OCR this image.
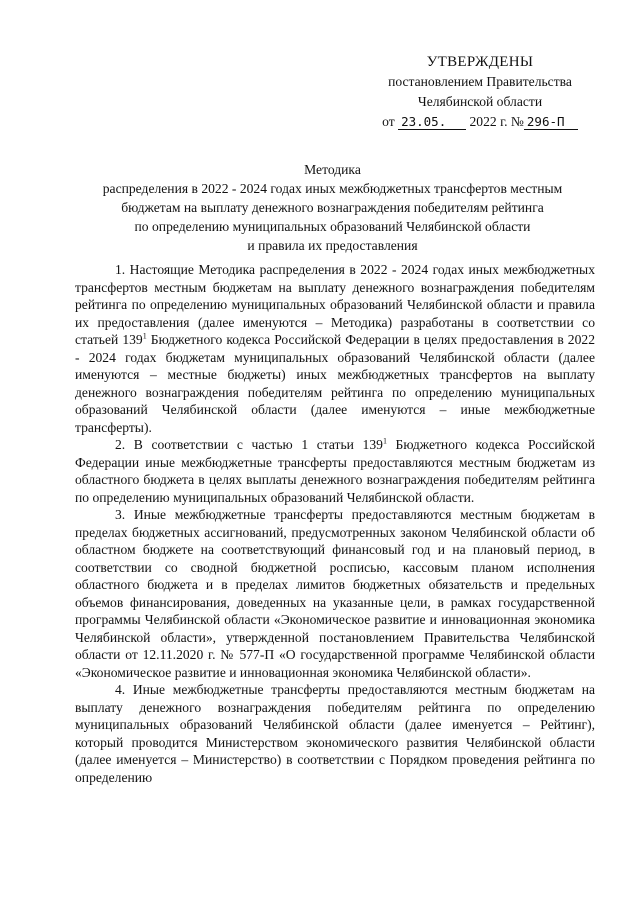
УТВЕРЖДЕНЫ
постановлением Правительства
Челябинской области
от 23.05. 2022 г. № 296-П
Методика
распределения в 2022 - 2024 годах иных межбюджетных трансфертов местным
бюджетам на выплату денежного вознаграждения победителям рейтинга
по определению муниципальных образований Челябинской области
и правила их предоставления

1. Настоящие Методика распределения в 2022 - 2024 годах иных межбюджетных трансфертов местным бюджетам на выплату денежного вознаграждения победителям рейтинга по определению муниципальных образований Челябинской области и правила их предоставления (далее именуются – Методика) разработаны в соответствии со статьей $139^1$ Бюджетного кодекса Российской Федерации в целях предоставления в 2022 - 2024 годах бюджетам муниципальных образований Челябинской области (далее именуются – местные бюджеты) иных межбюджетных трансфертов на выплату денежного вознаграждения победителям рейтинга по определению муниципальных образований Челябинской области (далее именуются – иные межбюджетные трансферты).

2. В соответствии с частью 1 статьи $139^1$ Бюджетного кодекса Российской Федерации иные межбюджетные трансферты предоставляются местным бюджетам из областного бюджета в целях выплаты денежного вознаграждения победителям рейтинга по определению муниципальных образований Челябинской области.

3. Иные межбюджетные трансферты предоставляются местным бюджетам в пределах бюджетных ассигнований, предусмотренных законом Челябинской области об областном бюджете на соответствующий финансовый год и на плановый период, в соответствии со сводной бюджетной росписью, кассовым планом исполнения областного бюджета и в пределах лимитов бюджетных обязательств и предельных объемов финансирования, доведенных на указанные цели, в рамках государственной программы Челябинской области «Экономическое развитие и инновационная экономика Челябинской области», утвержденной постановлением Правительства Челябинской области от 12.11.2020 г. № 577-П «О государственной программе Челябинской области «Экономическое развитие и инновационная экономика Челябинской области».

4. Иные межбюджетные трансферты предоставляются местным бюджетам на выплату денежного вознаграждения победителям рейтинга по определению муниципальных образований Челябинской области (далее именуется – Рейтинг), который проводится Министерством экономического развития Челябинской области (далее именуется – Министерство) в соответствии с Порядком проведения рейтинга по определению
